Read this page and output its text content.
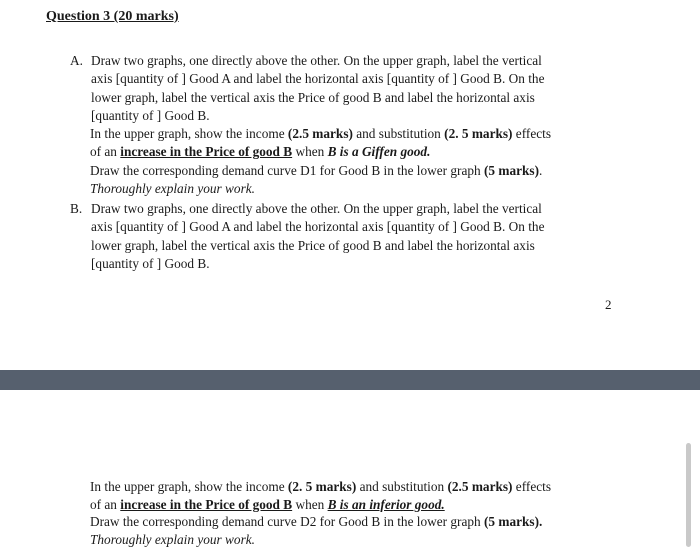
Question 3 (20 marks)
A. Draw two graphs, one directly above the other. On the upper graph, label the vertical
axis [quantity of ] Good A and label the horizontal axis [quantity of ] Good B. On the
lower graph, label the vertical axis the Price of good B and label the horizontal axis
[quantity of ] Good B.
In the upper graph, show the income (2.5 marks) and substitution (2. 5 marks) effects
of an increase in the Price of good B when B is a Giffen good.
Draw the corresponding demand curve D1 for Good B in the lower graph (5 marks).
Thoroughly explain your work.
B. Draw two graphs, one directly above the other. On the upper graph, label the vertical
axis [quantity of ] Good A and label the horizontal axis [quantity of ] Good B. On the
lower graph, label the vertical axis the Price of good B and label the horizontal axis
[quantity of ] Good B.
2
In the upper graph, show the income (2. 5 marks) and substitution (2.5 marks) effects
of an increase in the Price of good B when B is an inferior good.
Draw the corresponding demand curve D2 for Good B in the lower graph (5 marks).
Thoroughly explain your work.
